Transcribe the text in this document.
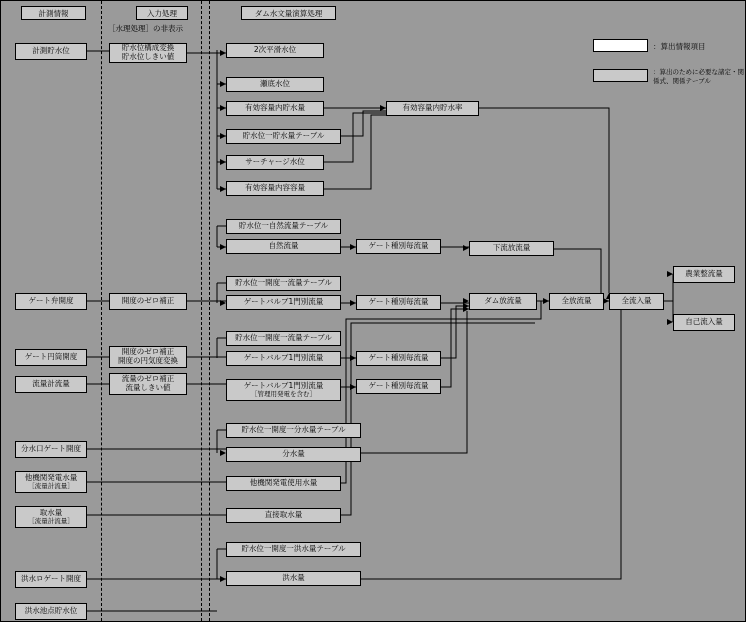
計測情報	入力処理	ダム水文量演算処理
［水理処理］の非表示
：算出情報項目
：算出のために必要な諸定・関係式、関係テーブル
計測貯水位	貯水位構成変換
貯水位しきい値
2次平滑水位
瀬底水位
有効容量内貯水量
貯水位一貯水量テーブル
サーチャージ水位
有効容量内容容量
有効容量内貯水率
貯水位一自然流量テーブル
自然流量	ゲート種別毎流量	下流放流量
ゲート弁開度	開度のゼロ補正
貯水位一開度一流量テーブル
ゲートバルブ1門別流量	ゲート種別毎流量	ダム放流量	全放流量	全流入量
農業整流量
自己流入量
ゲート円筒開度
開度のゼロ補正
開度の円気度変換
貯水位一開度一流量テーブル
ゲートバルブ1門別流量	ゲート種別毎流量
流量計流量
流量のゼロ補正
流量しきい値	ゲートバルブ1門別流量
［管理用発電を含む］
ゲート種別毎流量
分水口ゲート開度
貯水位一開度一分水量テーブル
分水量
他機関発電水量
［流量計流量］	他機関発電使用水量
取水量
［流量計流量］
直接取水量
洪水ロゲート開度
貯水位一開度一洪水量テーブル
洪水量
洪水池点貯水位
